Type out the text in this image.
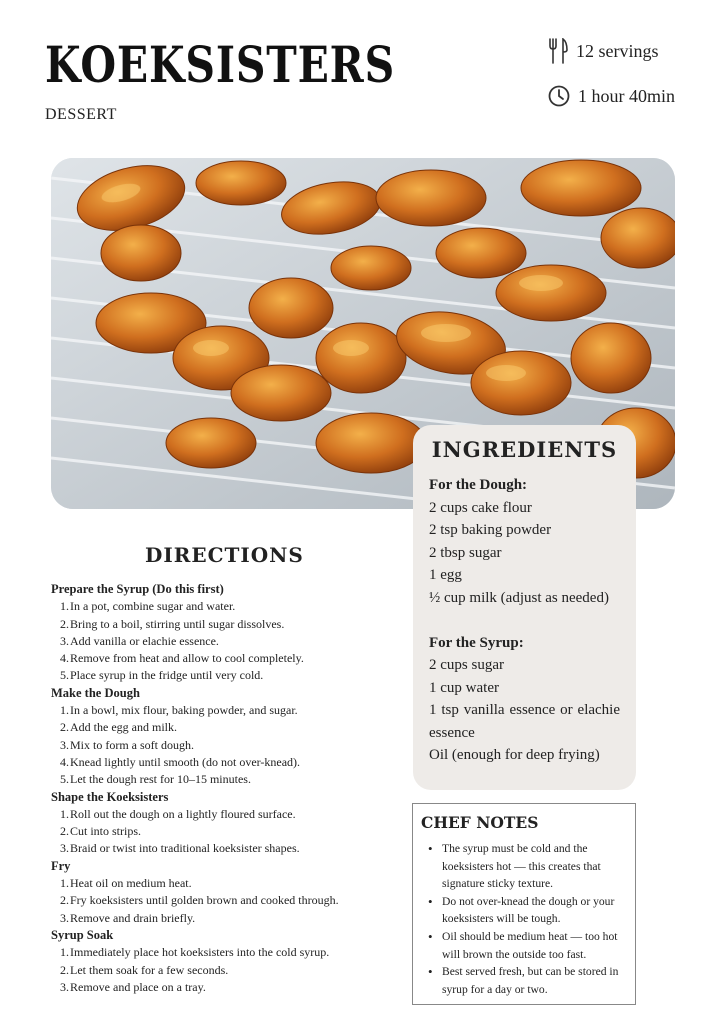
KOEKSISTERS
DESSERT
12 servings
1 hour 40min
INGREDIENTS
For the Dough:
2 cups cake flour
2 tsp baking powder
2 tbsp sugar
1 egg
½ cup milk (adjust as needed)
For the Syrup:
2 cups sugar
1 cup water
1 tsp vanilla essence or elachie essence
Oil (enough for deep frying)
DIRECTIONS
Prepare the Syrup (Do this first)
1.In a pot, combine sugar and water.
2.Bring to a boil, stirring until sugar dissolves.
3.Add vanilla or elachie essence.
4.Remove from heat and allow to cool completely.
5.Place syrup in the fridge until very cold.
Make the Dough
1.In a bowl, mix flour, baking powder, and sugar.
2.Add the egg and milk.
3.Mix to form a soft dough.
4.Knead lightly until smooth (do not over-knead).
5.Let the dough rest for 10–15 minutes.
Shape the Koeksisters
1.Roll out the dough on a lightly floured surface.
2.Cut into strips.
3.Braid or twist into traditional koeksister shapes.
Fry
1.Heat oil on medium heat.
2.Fry koeksisters until golden brown and cooked through.
3.Remove and drain briefly.
Syrup Soak
1.Immediately place hot koeksisters into the cold syrup.
2.Let them soak for a few seconds.
3.Remove and place on a tray.
CHEF NOTES
• The syrup must be cold and the koeksisters hot — this creates that signature sticky texture.
• Do not over-knead the dough or your koeksisters will be tough.
• Oil should be medium heat — too hot will brown the outside too fast.
• Best served fresh, but can be stored in syrup for a day or two.
